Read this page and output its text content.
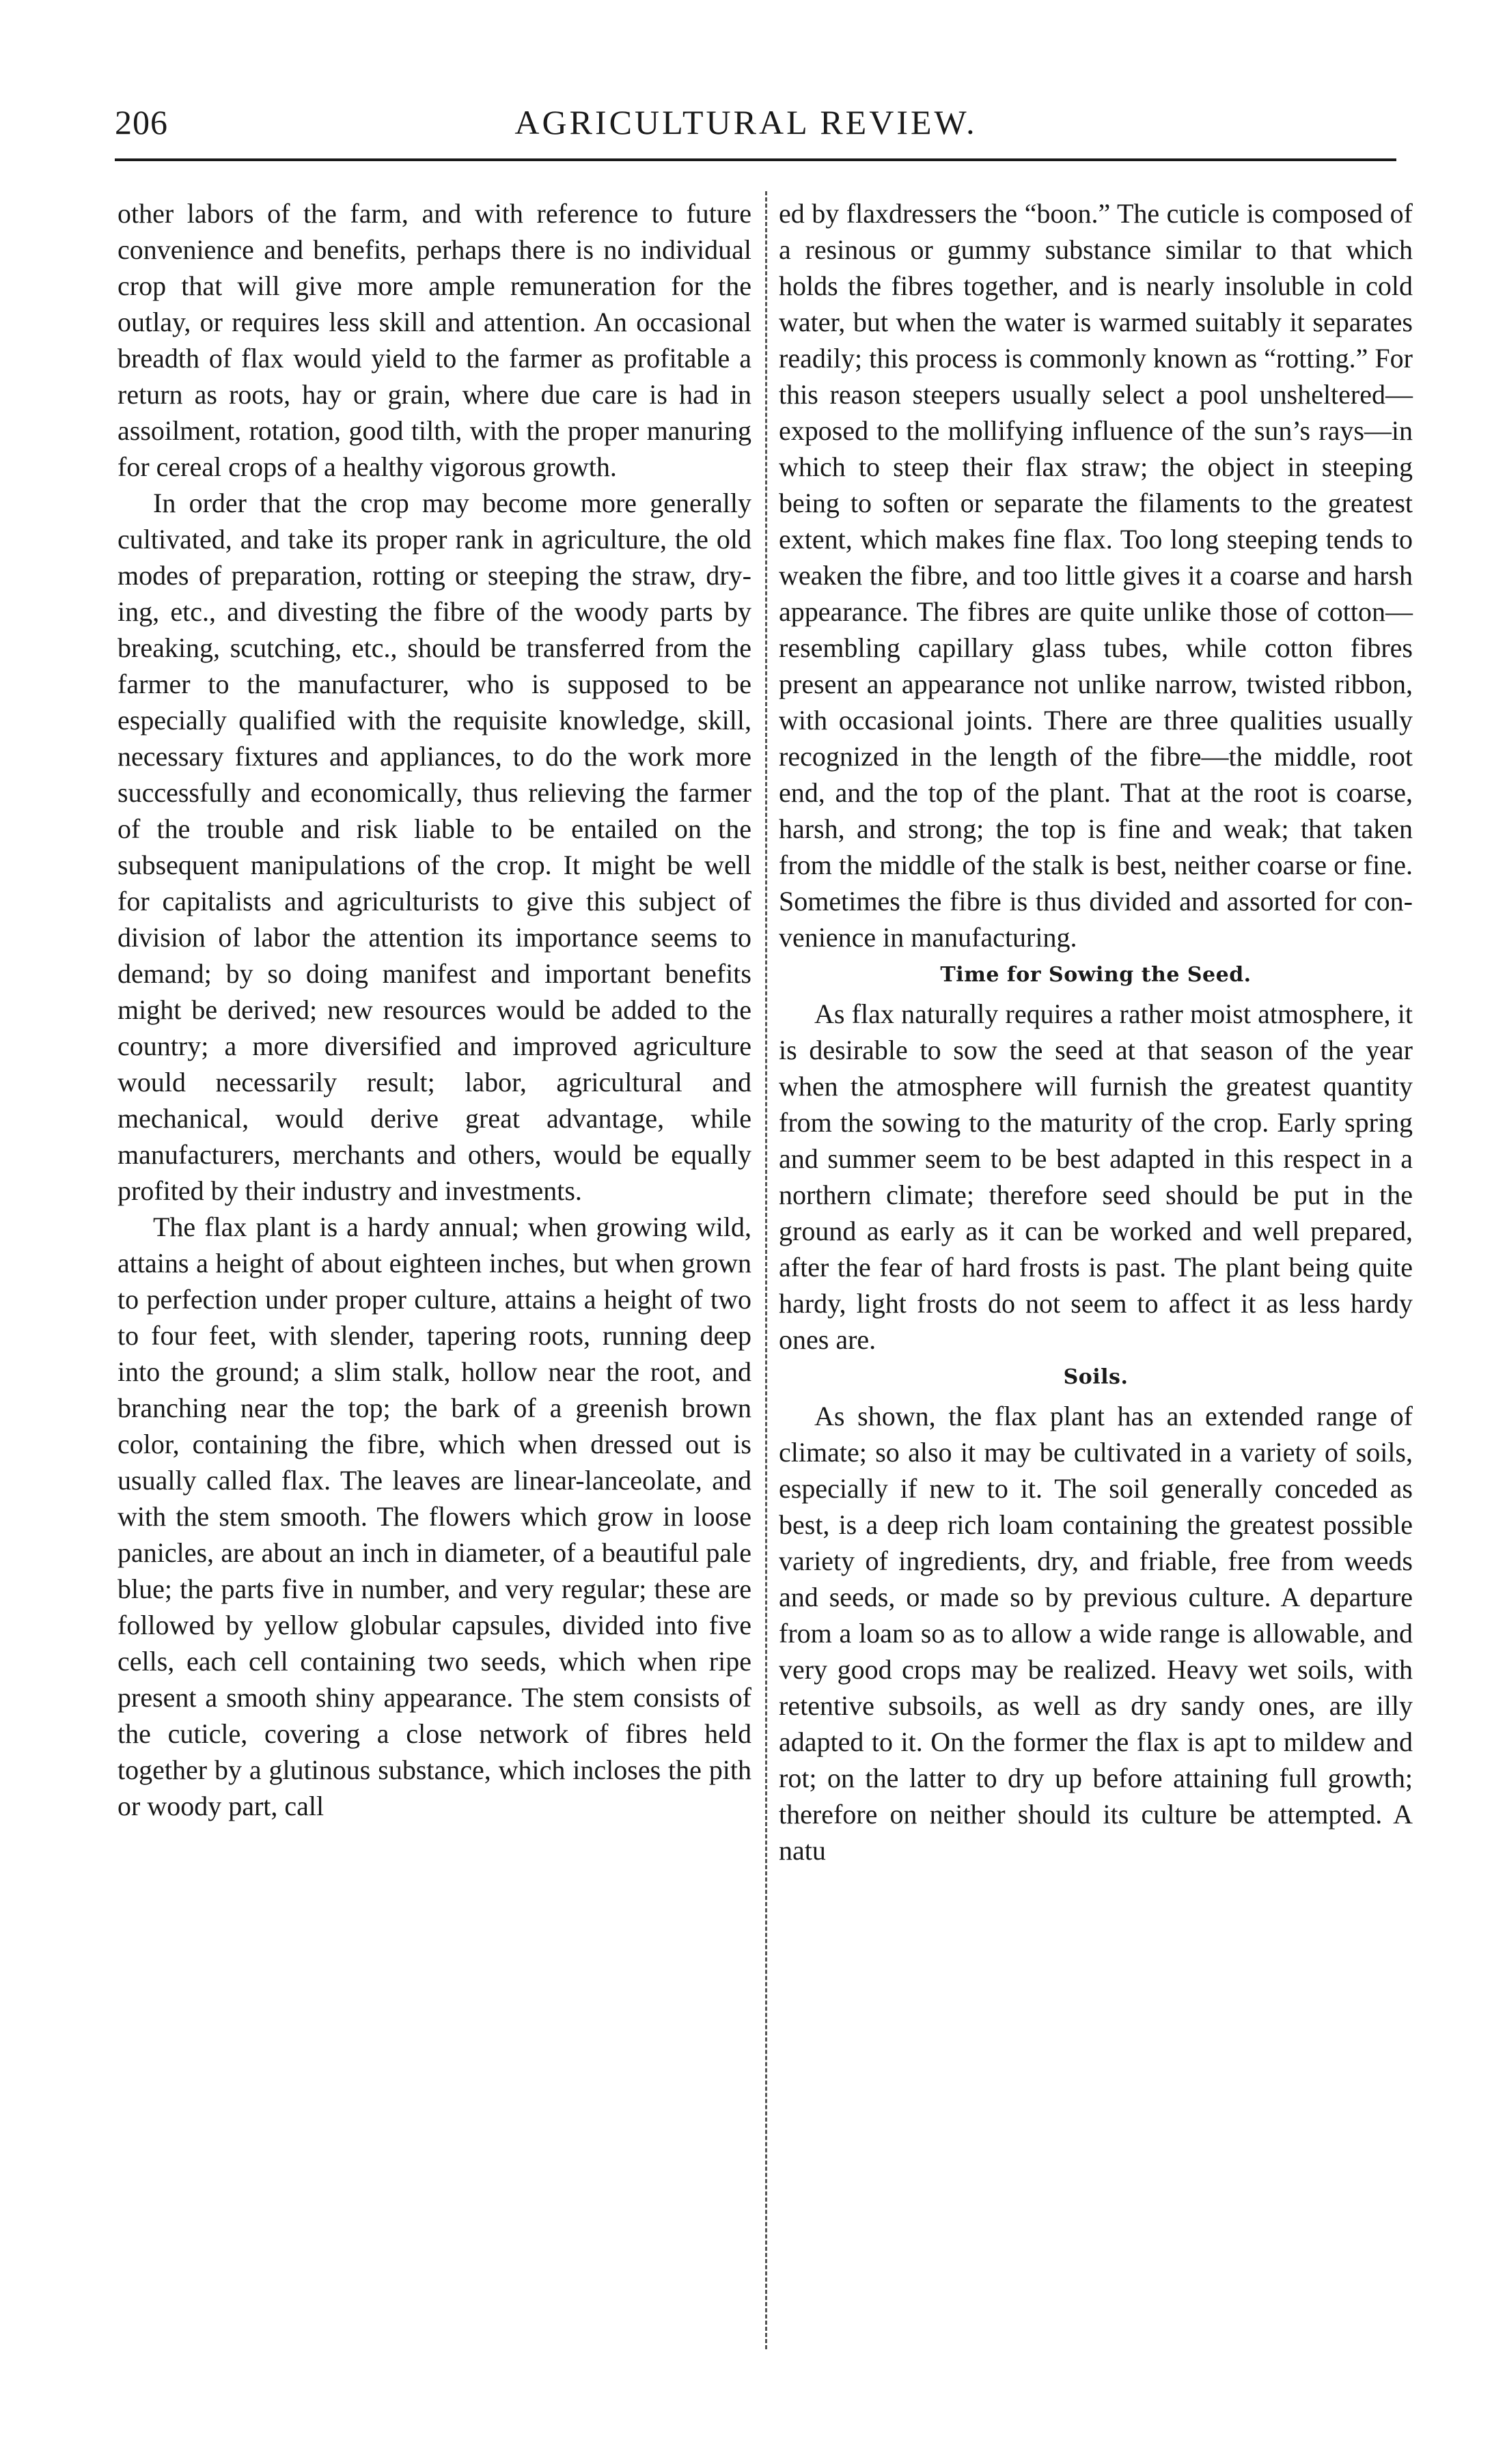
206	AGRICULTURAL REVIEW.

other labors of the farm, and with reference to future convenience and benefits, perhaps there is no individual crop that will give more ample remuneration for the outlay, or requires less skill and attention. An occasional breadth of flax would yield to the farmer as profitable a return as roots, hay or grain, where due care is had in assoilment, rotation, good tilth, with the proper manuring for cereal crops of a healthy vigorous growth.

In order that the crop may become more generally cultivated, and take its proper rank in agriculture, the old modes of preparation, rotting or steeping the straw, drying, etc., and divesting the fibre of the woody parts by breaking, scutching, etc., should be transferred from the farmer to the manufacturer, who is supposed to be especially qualified with the requisite knowledge, skill, necessary fixtures and appliances, to do the work more successfully and economically, thus relieving the farmer of the trouble and risk liable to be entailed on the subsequent manipulations of the crop. It might be well for capitalists and agriculturists to give this subject of division of labor the attention its importance seems to demand; by so doing manifest and important benefits might be derived; new resources would be added to the country; a more diversified and improved agriculture would necessarily result; labor, agricultural and mechanical, would derive great advantage, while manufacturers, merchants and others, would be equally profited by their industry and investments.

The flax plant is a hardy annual; when growing wild, attains a height of about eighteen inches, but when grown to perfection under proper culture, attains a height of two to four feet, with slender, tapering roots, running deep into the ground; a slim stalk, hollow near the root, and branching near the top; the bark of a greenish brown color, containing the fibre, which when dressed out is usually called flax. The leaves are linear-lanceolate, and with the stem smooth. The flowers which grow in loose panicles, are about an inch in diameter, of a beautiful pale blue; the parts five in number, and very regular; these are followed by yellow globular capsules, divided into five cells, each cell containing two seeds, which when ripe present a smooth shiny appearance. The stem consists of the cuticle, covering a close network of fibres held together by a glutinous substance, which incloses the pith or woody part, call

ed by flaxdressers the “boon.” The cuticle is composed of a resinous or gummy substance similar to that which holds the fibres together, and is nearly insoluble in cold water, but when the water is warmed suitably it separates readily; this process is commonly known as “rotting.” For this reason steepers usually select a pool unsheltered—exposed to the mollifying influence of the sun’s rays—in which to steep their flax straw; the object in steeping being to soften or separate the filaments to the greatest extent, which makes fine flax. Too long steeping tends to weaken the fibre, and too little gives it a coarse and harsh appearance. The fibres are quite unlike those of cotton—resembling capillary glass tubes, while cotton fibres present an appearance not unlike narrow, twisted ribbon, with occasional joints. There are three qualities usually recognized in the length of the fibre—the middle, root end, and the top of the plant. That at the root is coarse, harsh, and strong; the top is fine and weak; that taken from the middle of the stalk is best, neither coarse or fine. Sometimes the fibre is thus divided and assorted for convenience in manufacturing.

Time for Sowing the Seed.

As flax naturally requires a rather moist atmosphere, it is desirable to sow the seed at that season of the year when the atmosphere will furnish the greatest quantity from the sowing to the maturity of the crop. Early spring and summer seem to be best adapted in this respect in a northern climate; therefore seed should be put in the ground as early as it can be worked and well prepared, after the fear of hard frosts is past. The plant being quite hardy, light frosts do not seem to affect it as less hardy ones are.

Soils.

As shown, the flax plant has an extended range of climate; so also it may be cultivated in a variety of soils, especially if new to it. The soil generally conceded as best, is a deep rich loam containing the greatest possible variety of ingredients, dry, and friable, free from weeds and seeds, or made so by previous culture. A departure from a loam so as to allow a wide range is allowable, and very good crops may be realized. Heavy wet soils, with retentive subsoils, as well as dry sandy ones, are illy adapted to it. On the former the flax is apt to mildew and rot; on the latter to dry up before attaining full growth; therefore on neither should its culture be attempted. A natu
